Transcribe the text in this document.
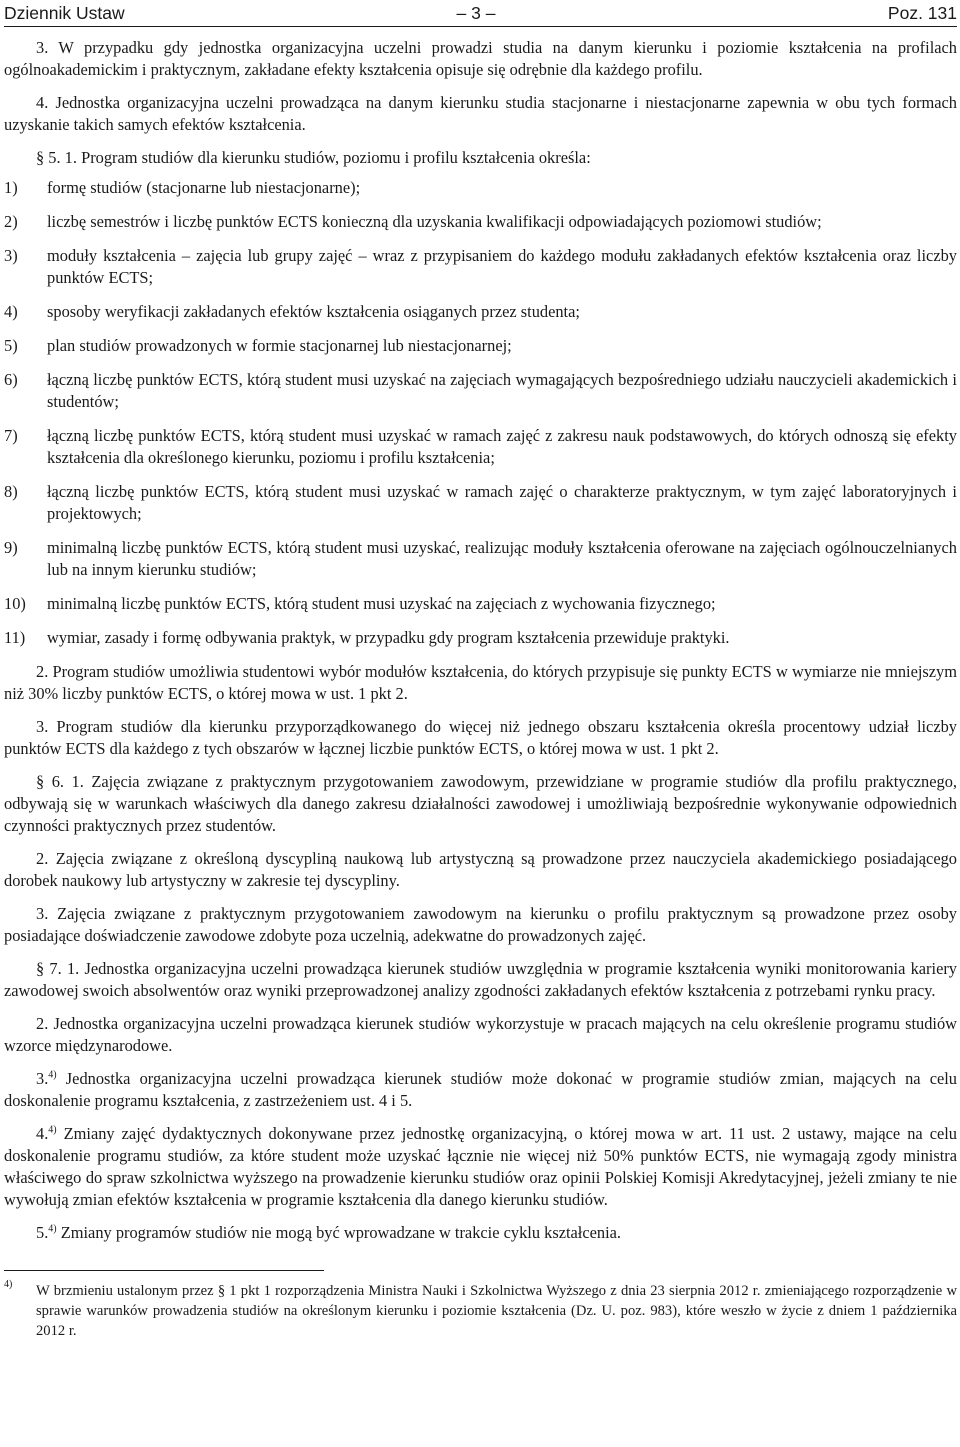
Dziennik Ustaw	– 3 –	Poz. 131

3. W przypadku gdy jednostka organizacyjna uczelni prowadzi studia na danym kierunku i poziomie kształcenia na profilach ogólnoakademickim i praktycznym, zakładane efekty kształcenia opisuje się odrębnie dla każdego profilu.

4. Jednostka organizacyjna uczelni prowadząca na danym kierunku studia stacjonarne i niestacjonarne zapewnia w obu tych formach uzyskanie takich samych efektów kształcenia.

§ 5. 1. Program studiów dla kierunku studiów, poziomu i profilu kształcenia określa:

1) formę studiów (stacjonarne lub niestacjonarne);
2) liczbę semestrów i liczbę punktów ECTS konieczną dla uzyskania kwalifikacji odpowiadających poziomowi studiów;
3) moduły kształcenia – zajęcia lub grupy zajęć – wraz z przypisaniem do każdego modułu zakładanych efektów kształcenia oraz liczby punktów ECTS;
4) sposoby weryfikacji zakładanych efektów kształcenia osiąganych przez studenta;
5) plan studiów prowadzonych w formie stacjonarnej lub niestacjonarnej;
6) łączną liczbę punktów ECTS, którą student musi uzyskać na zajęciach wymagających bezpośredniego udziału nauczycieli akademickich i studentów;
7) łączną liczbę punktów ECTS, którą student musi uzyskać w ramach zajęć z zakresu nauk podstawowych, do których odnoszą się efekty kształcenia dla określonego kierunku, poziomu i profilu kształcenia;
8) łączną liczbę punktów ECTS, którą student musi uzyskać w ramach zajęć o charakterze praktycznym, w tym zajęć laboratoryjnych i projektowych;
9) minimalną liczbę punktów ECTS, którą student musi uzyskać, realizując moduły kształcenia oferowane na zajęciach ogólnouczelnianych lub na innym kierunku studiów;
10) minimalną liczbę punktów ECTS, którą student musi uzyskać na zajęciach z wychowania fizycznego;
11) wymiar, zasady i formę odbywania praktyk, w przypadku gdy program kształcenia przewiduje praktyki.

2. Program studiów umożliwia studentowi wybór modułów kształcenia, do których przypisuje się punkty ECTS w wymiarze nie mniejszym niż 30% liczby punktów ECTS, o której mowa w ust. 1 pkt 2.

3. Program studiów dla kierunku przyporządkowanego do więcej niż jednego obszaru kształcenia określa procentowy udział liczby punktów ECTS dla każdego z tych obszarów w łącznej liczbie punktów ECTS, o której mowa w ust. 1 pkt 2.

§ 6. 1. Zajęcia związane z praktycznym przygotowaniem zawodowym, przewidziane w programie studiów dla profilu praktycznego, odbywają się w warunkach właściwych dla danego zakresu działalności zawodowej i umożliwiają bezpośrednie wykonywanie odpowiednich czynności praktycznych przez studentów.

2. Zajęcia związane z określoną dyscypliną naukową lub artystyczną są prowadzone przez nauczyciela akademickiego posiadającego dorobek naukowy lub artystyczny w zakresie tej dyscypliny.

3. Zajęcia związane z praktycznym przygotowaniem zawodowym na kierunku o profilu praktycznym są prowadzone przez osoby posiadające doświadczenie zawodowe zdobyte poza uczelnią, adekwatne do prowadzonych zajęć.

§ 7. 1. Jednostka organizacyjna uczelni prowadząca kierunek studiów uwzględnia w programie kształcenia wyniki monitorowania kariery zawodowej swoich absolwentów oraz wyniki przeprowadzonej analizy zgodności zakładanych efektów kształcenia z potrzebami rynku pracy.

2. Jednostka organizacyjna uczelni prowadząca kierunek studiów wykorzystuje w pracach mających na celu określenie programu studiów wzorce międzynarodowe.

3.$^{4)}$ Jednostka organizacyjna uczelni prowadząca kierunek studiów może dokonać w programie studiów zmian, mających na celu doskonalenie programu kształcenia, z zastrzeżeniem ust. 4 i 5.

4.$^{4)}$ Zmiany zajęć dydaktycznych dokonywane przez jednostkę organizacyjną, o której mowa w art. 11 ust. 2 ustawy, mające na celu doskonalenie programu studiów, za które student może uzyskać łącznie nie więcej niż 50% punktów ECTS, nie wymagają zgody ministra właściwego do spraw szkolnictwa wyższego na prowadzenie kierunku studiów oraz opinii Polskiej Komisji Akredytacyjnej, jeżeli zmiany te nie wywołują zmian efektów kształcenia w programie kształcenia dla danego kierunku studiów.

5.$^{4)}$ Zmiany programów studiów nie mogą być wprowadzane w trakcie cyklu kształcenia.

4) W brzmieniu ustalonym przez § 1 pkt 1 rozporządzenia Ministra Nauki i Szkolnictwa Wyższego z dnia 23 sierpnia 2012 r. zmieniającego rozporządzenie w sprawie warunków prowadzenia studiów na określonym kierunku i poziomie kształcenia (Dz. U. poz. 983), które weszło w życie z dniem 1 października 2012 r.
